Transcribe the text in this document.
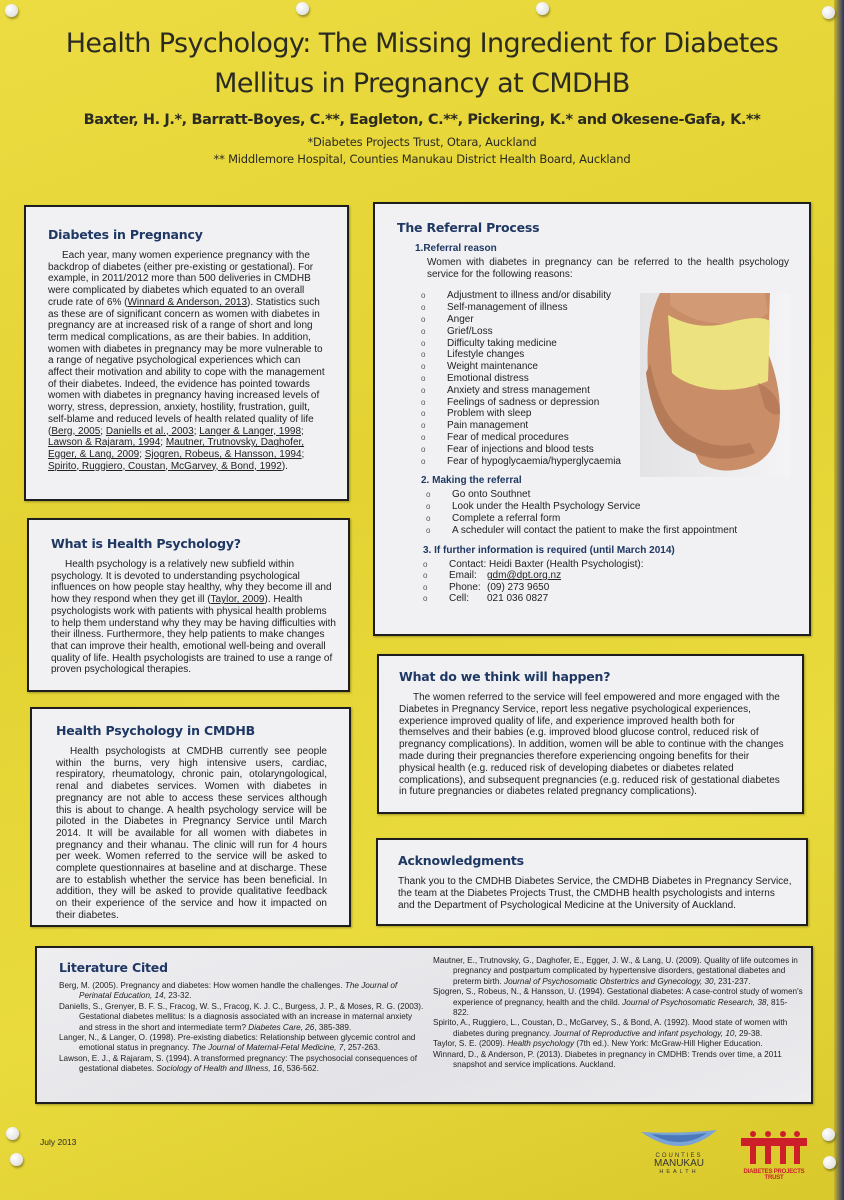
Health Psychology: The Missing Ingredient for Diabetes
Mellitus in Pregnancy at CMDHB
Baxter, H. J.*, Barratt-Boyes, C.**, Eagleton, C.**, Pickering, K.* and Okesene-Gafa, K.**
*Diabetes Projects Trust, Otara, Auckland
** Middlemore Hospital, Counties Manukau District Health Board, Auckland
Diabetes in Pregnancy

Each year, many women experience pregnancy with the backdrop of diabetes (either pre-existing or gestational). For example, in 2011/2012 more than 500 deliveries in CMDHB were complicated by diabetes which equated to an overall crude rate of 6% (Winnard & Anderson, 2013). Statistics such as these are of significant concern as women with diabetes in pregnancy are at increased risk of a range of short and long term medical complications, as are their babies. In addition, women with diabetes in pregnancy may be more vulnerable to a range of negative psychological experiences which can affect their motivation and ability to cope with the management of their diabetes. Indeed, the evidence has pointed towards women with diabetes in pregnancy having increased levels of worry, stress, depression, anxiety, hostility, frustration, guilt, self-blame and reduced levels of health related quality of life (Berg, 2005; Daniells et al., 2003; Langer & Langer, 1998; Lawson & Rajaram, 1994; Mautner, Trutnovsky, Daghofer, Egger, & Lang, 2009; Sjogren, Robeus, & Hansson, 1994; Spirito, Ruggiero, Coustan, McGarvey, & Bond, 1992).

What is Health Psychology?

Health psychology is a relatively new subfield within psychology. It is devoted to understanding psychological influences on how people stay healthy, why they become ill and how they respond when they get ill (Taylor, 2009). Health psychologists work with patients with physical health problems to help them understand why they may be having difficulties with their illness. Furthermore, they help patients to make changes that can improve their health, emotional well-being and overall quality of life. Health psychologists are trained to use a range of proven psychological therapies.

Health Psychology in CMDHB

Health psychologists at CMDHB currently see people within the burns, very high intensive users, cardiac, respiratory, rheumatology, chronic pain, otolaryngological, renal and diabetes services. Women with diabetes in pregnancy are not able to access these services although this is about to change. A health psychology service will be piloted in the Diabetes in Pregnancy Service until March 2014. It will be available for all women with diabetes in pregnancy and their whanau. The clinic will run for 4 hours per week. Women referred to the service will be asked to complete questionnaires at baseline and at discharge. These are to establish whether the service has been beneficial. In addition, they will be asked to provide qualitative feedback on their experience of the service and how it impacted on their diabetes.

The Referral Process
1.Referral reason

Women with diabetes in pregnancy can be referred to the health psychology service for the following reasons:

o Adjustment to illness and/or disability
o Self-management of illness
o Anger
o Grief/Loss
o Difficulty taking medicine
o Lifestyle changes
o Weight maintenance
o Emotional distress
o Anxiety and stress management
o Feelings of sadness or depression
o Problem with sleep
o Pain management
o Fear of medical procedures
o Fear of injections and blood tests
o Fear of hypoglycaemia/hyperglycaemia
2. Making the referral
o Go onto Southnet
o Look under the Health Psychology Service
o Complete a referral form
o A scheduler will contact the patient to make the first appointment
3. If further information is required (until March 2014)
o Contact: Heidi Baxter (Health Psychologist):
o Email: gdm@dpt.org.nz
o Phone: (09) 273 9650
o Cell: 021 036 0827
What do we think will happen?

The women referred to the service will feel empowered and more engaged with the Diabetes in Pregnancy Service, report less negative psychological experiences, experience improved quality of life, and experience improved health both for themselves and their babies (e.g. improved blood glucose control, reduced risk of pregnancy complications). In addition, women will be able to continue with the changes made during their pregnancies therefore experiencing ongoing benefits for their physical health (e.g. reduced risk of developing diabetes or diabetes related complications), and subsequent pregnancies (e.g. reduced risk of gestational diabetes in future pregnancies or diabetes related pregnancy complications).

Acknowledgments

Thank you to the CMDHB Diabetes Service, the CMDHB Diabetes in Pregnancy Service, the team at the Diabetes Projects Trust, the CMDHB health psychologists and interns and the Department of Psychological Medicine at the University of Auckland.

Literature Cited
Berg, M. (2005). Pregnancy and diabetes: How women handle the challenges. The Journal of Perinatal Education, 14, 23-32.
Daniells, S., Grenyer, B. F. S., Fracog, W. S., Fracog, K. J. C., Burgess, J. P., & Moses, R. G. (2003). Gestational diabetes mellitus: Is a diagnosis associated with an increase in maternal anxiety and stress in the short and intermediate term? Diabetes Care, 26, 385-389.
Langer, N., & Langer, O. (1998). Pre-existing diabetics: Relationship between glycemic control and emotional status in pregnancy. The Journal of Maternal-Fetal Medicine, 7, 257-263.
Lawson, E. J., & Rajaram, S. (1994). A transformed pregnancy: The psychosocial consequences of gestational diabetes. Sociology of Health and Illness, 16, 536-562.
Mautner, E., Trutnovsky, G., Daghofer, E., Egger, J. W., & Lang, U. (2009). Quality of life outcomes in pregnancy and postpartum complicated by hypertensive disorders, gestational diabetes and preterm birth. Journal of Psychosomatic Obstertrics and Gynecology, 30, 231-237.
Sjogren, S., Robeus, N., & Hansson, U. (1994). Gestational diabetes: A case-control study of women's experience of pregnancy, health and the child. Journal of Psychosomatic Research, 38, 815-822.
Spirito, A., Ruggiero, L., Coustan, D., McGarvey, S., & Bond, A. (1992). Mood state of women with diabetes during pregnancy. Journal of Reproductive and infant psychology, 10, 29-38.
Taylor, S. E. (2009). Health psychology (7th ed.). New York: McGraw-Hill Higher Education.
Winnard, D., & Anderson, P. (2013). Diabetes in pregnancy in CMDHB: Trends over time, a 2011 snapshot and service implications. Auckland.
July 2013
COUNTIES
MANUKAU
HEALTH	DIABETES PROJECTS TRUST
